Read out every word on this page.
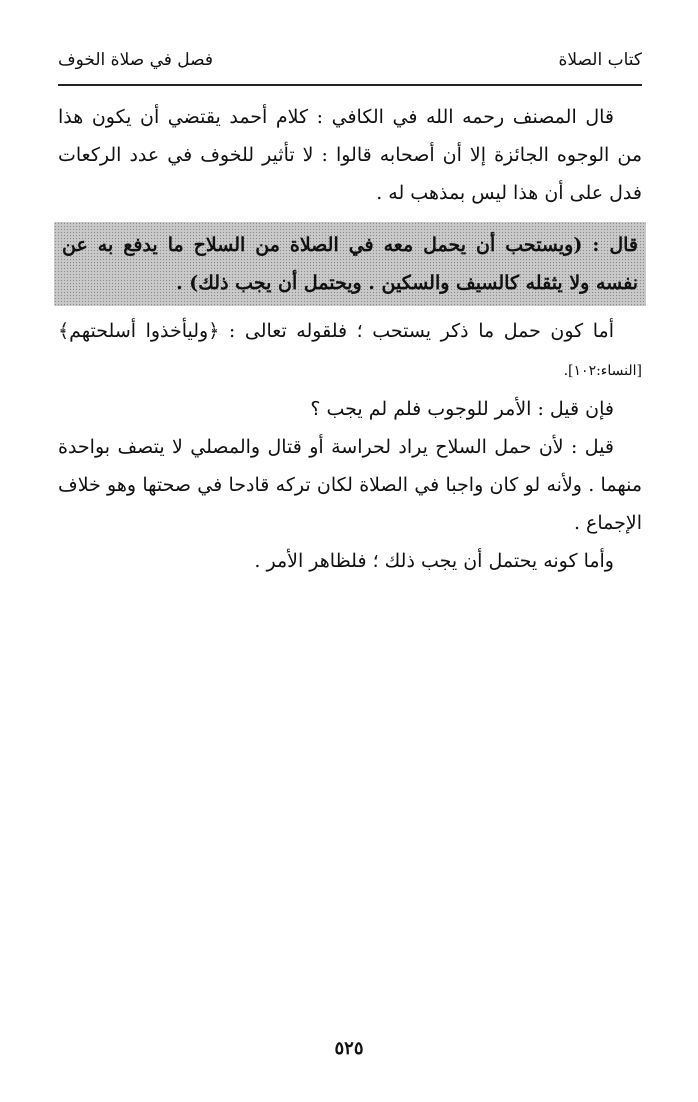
كتاب الصلاة
فصل في صلاة الخوف

قال المصنف رحمه الله في الكافي : كلام أحمد يقتضي أن يكون هذا من الوجوه الجائزة إلا أن أصحابه قالوا : لا تأثير للخوف في عدد الركعات فدل على أن هذا ليس بمذهب له .

قال : (ويستحب أن يحمل معه في الصلاة من السلاح ما يدفع به عن نفسه ولا يثقله كالسيف والسكين . ويحتمل أن يجب ذلك) .

أما كون حمل ما ذكر يستحب ؛ فلقوله تعالى : ﴿وليأخذوا أسلحتهم﴾ [النساء:١٠٢].

فإن قيل : الأمر للوجوب فلم لم يجب ؟

قيل : لأن حمل السلاح يراد لحراسة أو قتال والمصلي لا يتصف بواحدة منهما . ولأنه لو كان واجبا في الصلاة لكان تركه قادحا في صحتها وهو خلاف الإجماع .

وأما كونه يحتمل أن يجب ذلك ؛ فلظاهر الأمر .

٥٢٥
